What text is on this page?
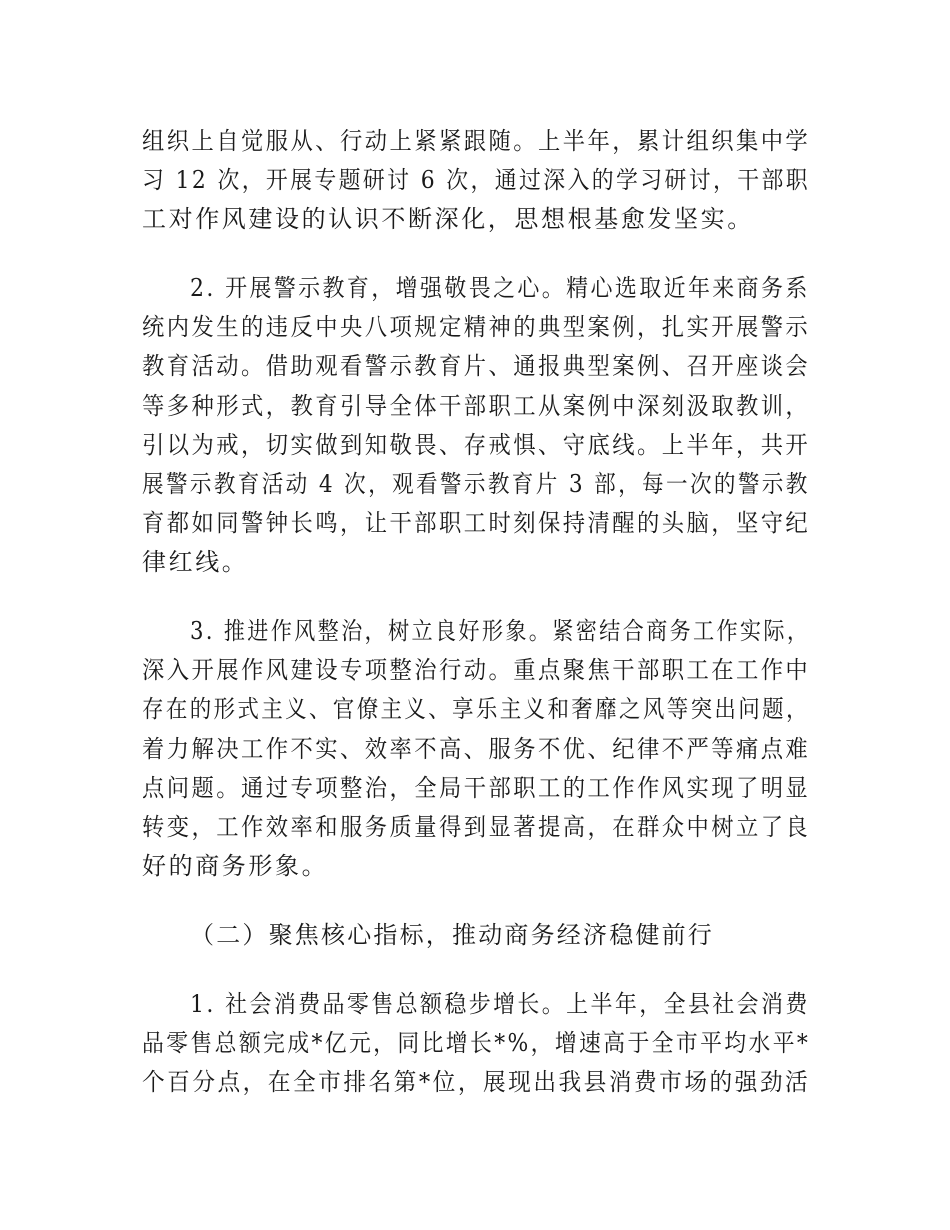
组织上自觉服从、行动上紧紧跟随。上半年，累计组织集中学
习 12 次，开展专题研讨 6 次，通过深入的学习研讨，干部职
工对作风建设的认识不断深化，思想根基愈发坚实。
2. 开展警示教育，增强敬畏之心。精心选取近年来商务系
统内发生的违反中央八项规定精神的典型案例，扎实开展警示
教育活动。借助观看警示教育片、通报典型案例、召开座谈会
等多种形式，教育引导全体干部职工从案例中深刻汲取教训，
引以为戒，切实做到知敬畏、存戒惧、守底线。上半年，共开
展警示教育活动 4 次，观看警示教育片 3 部，每一次的警示教
育都如同警钟长鸣，让干部职工时刻保持清醒的头脑，坚守纪
律红线。
3. 推进作风整治，树立良好形象。紧密结合商务工作实际，
深入开展作风建设专项整治行动。重点聚焦干部职工在工作中
存在的形式主义、官僚主义、享乐主义和奢靡之风等突出问题，
着力解决工作不实、效率不高、服务不优、纪律不严等痛点难
点问题。通过专项整治，全局干部职工的工作作风实现了明显
转变，工作效率和服务质量得到显著提高，在群众中树立了良
好的商务形象。
（二）聚焦核心指标，推动商务经济稳健前行
1. 社会消费品零售总额稳步增长。上半年，全县社会消费
品零售总额完成*亿元，同比增长*%，增速高于全市平均水平*
个百分点，在全市排名第*位，展现出我县消费市场的强劲活
